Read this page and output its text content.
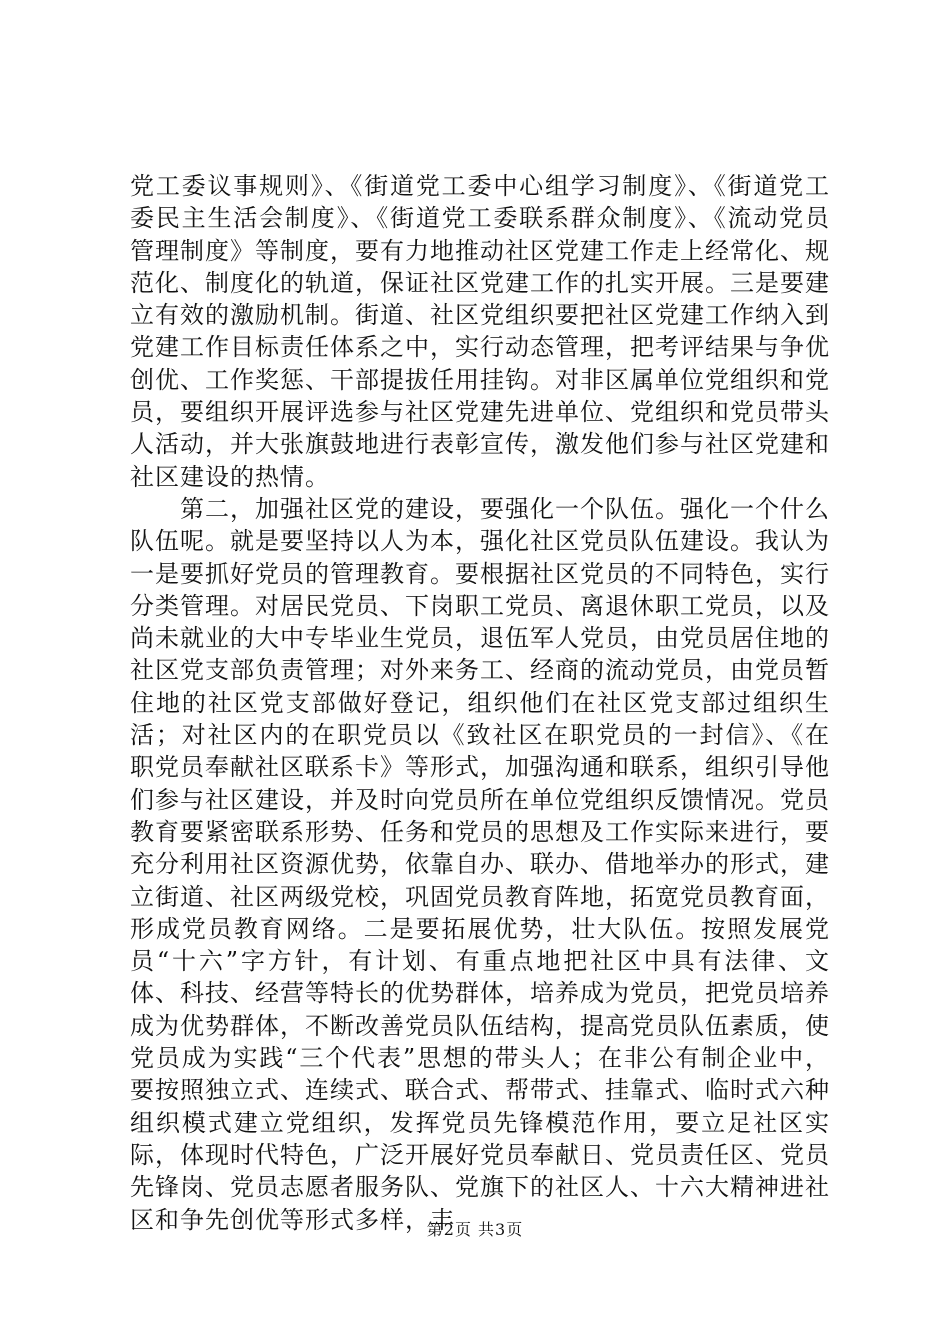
党工委议事规则》、《街道党工委中心组学习制度》、《街道党工委民主生活会制度》、《街道党工委联系群众制度》、《流动党员管理制度》等制度，要有力地推动社区党建工作走上经常化、规范化、制度化的轨道，保证社区党建工作的扎实开展。三是要建立有效的激励机制。街道、社区党组织要把社区党建工作纳入到党建工作目标责任体系之中，实行动态管理，把考评结果与争优创优、工作奖惩、干部提拔任用挂钩。对非区属单位党组织和党员，要组织开展评选参与社区党建先进单位、党组织和党员带头人活动，并大张旗鼓地进行表彰宣传，激发他们参与社区党建和社区建设的热情。

第二，加强社区党的建设，要强化一个队伍。强化一个什么队伍呢。就是要坚持以人为本，强化社区党员队伍建设。我认为一是要抓好党员的管理教育。要根据社区党员的不同特色，实行分类管理。对居民党员、下岗职工党员、离退休职工党员，以及尚未就业的大中专毕业生党员，退伍军人党员，由党员居住地的社区党支部负责管理；对外来务工、经商的流动党员，由党员暂住地的社区党支部做好登记，组织他们在社区党支部过组织生活；对社区内的在职党员以《致社区在职党员的一封信》、《在职党员奉献社区联系卡》等形式，加强沟通和联系，组织引导他们参与社区建设，并及时向党员所在单位党组织反馈情况。党员教育要紧密联系形势、任务和党员的思想及工作实际来进行，要充分利用社区资源优势，依靠自办、联办、借地举办的形式，建立街道、社区两级党校，巩固党员教育阵地，拓宽党员教育面，形成党员教育网络。二是要拓展优势，壮大队伍。按照发展党员“十六”字方针，有计划、有重点地把社区中具有法律、文体、科技、经营等特长的优势群体，培养成为党员，把党员培养成为优势群体，不断改善党员队伍结构，提高党员队伍素质，使党员成为实践“三个代表”思想的带头人；在非公有制企业中，要按照独立式、连续式、联合式、帮带式、挂靠式、临时式六种组织模式建立党组织，发挥党员先锋模范作用，要立足社区实际，体现时代特色，广泛开展好党员奉献日、党员责任区、党员先锋岗、党员志愿者服务队、党旗下的社区人、十六大精神进社区和争先创优等形式多样，丰

第2页 共3页
